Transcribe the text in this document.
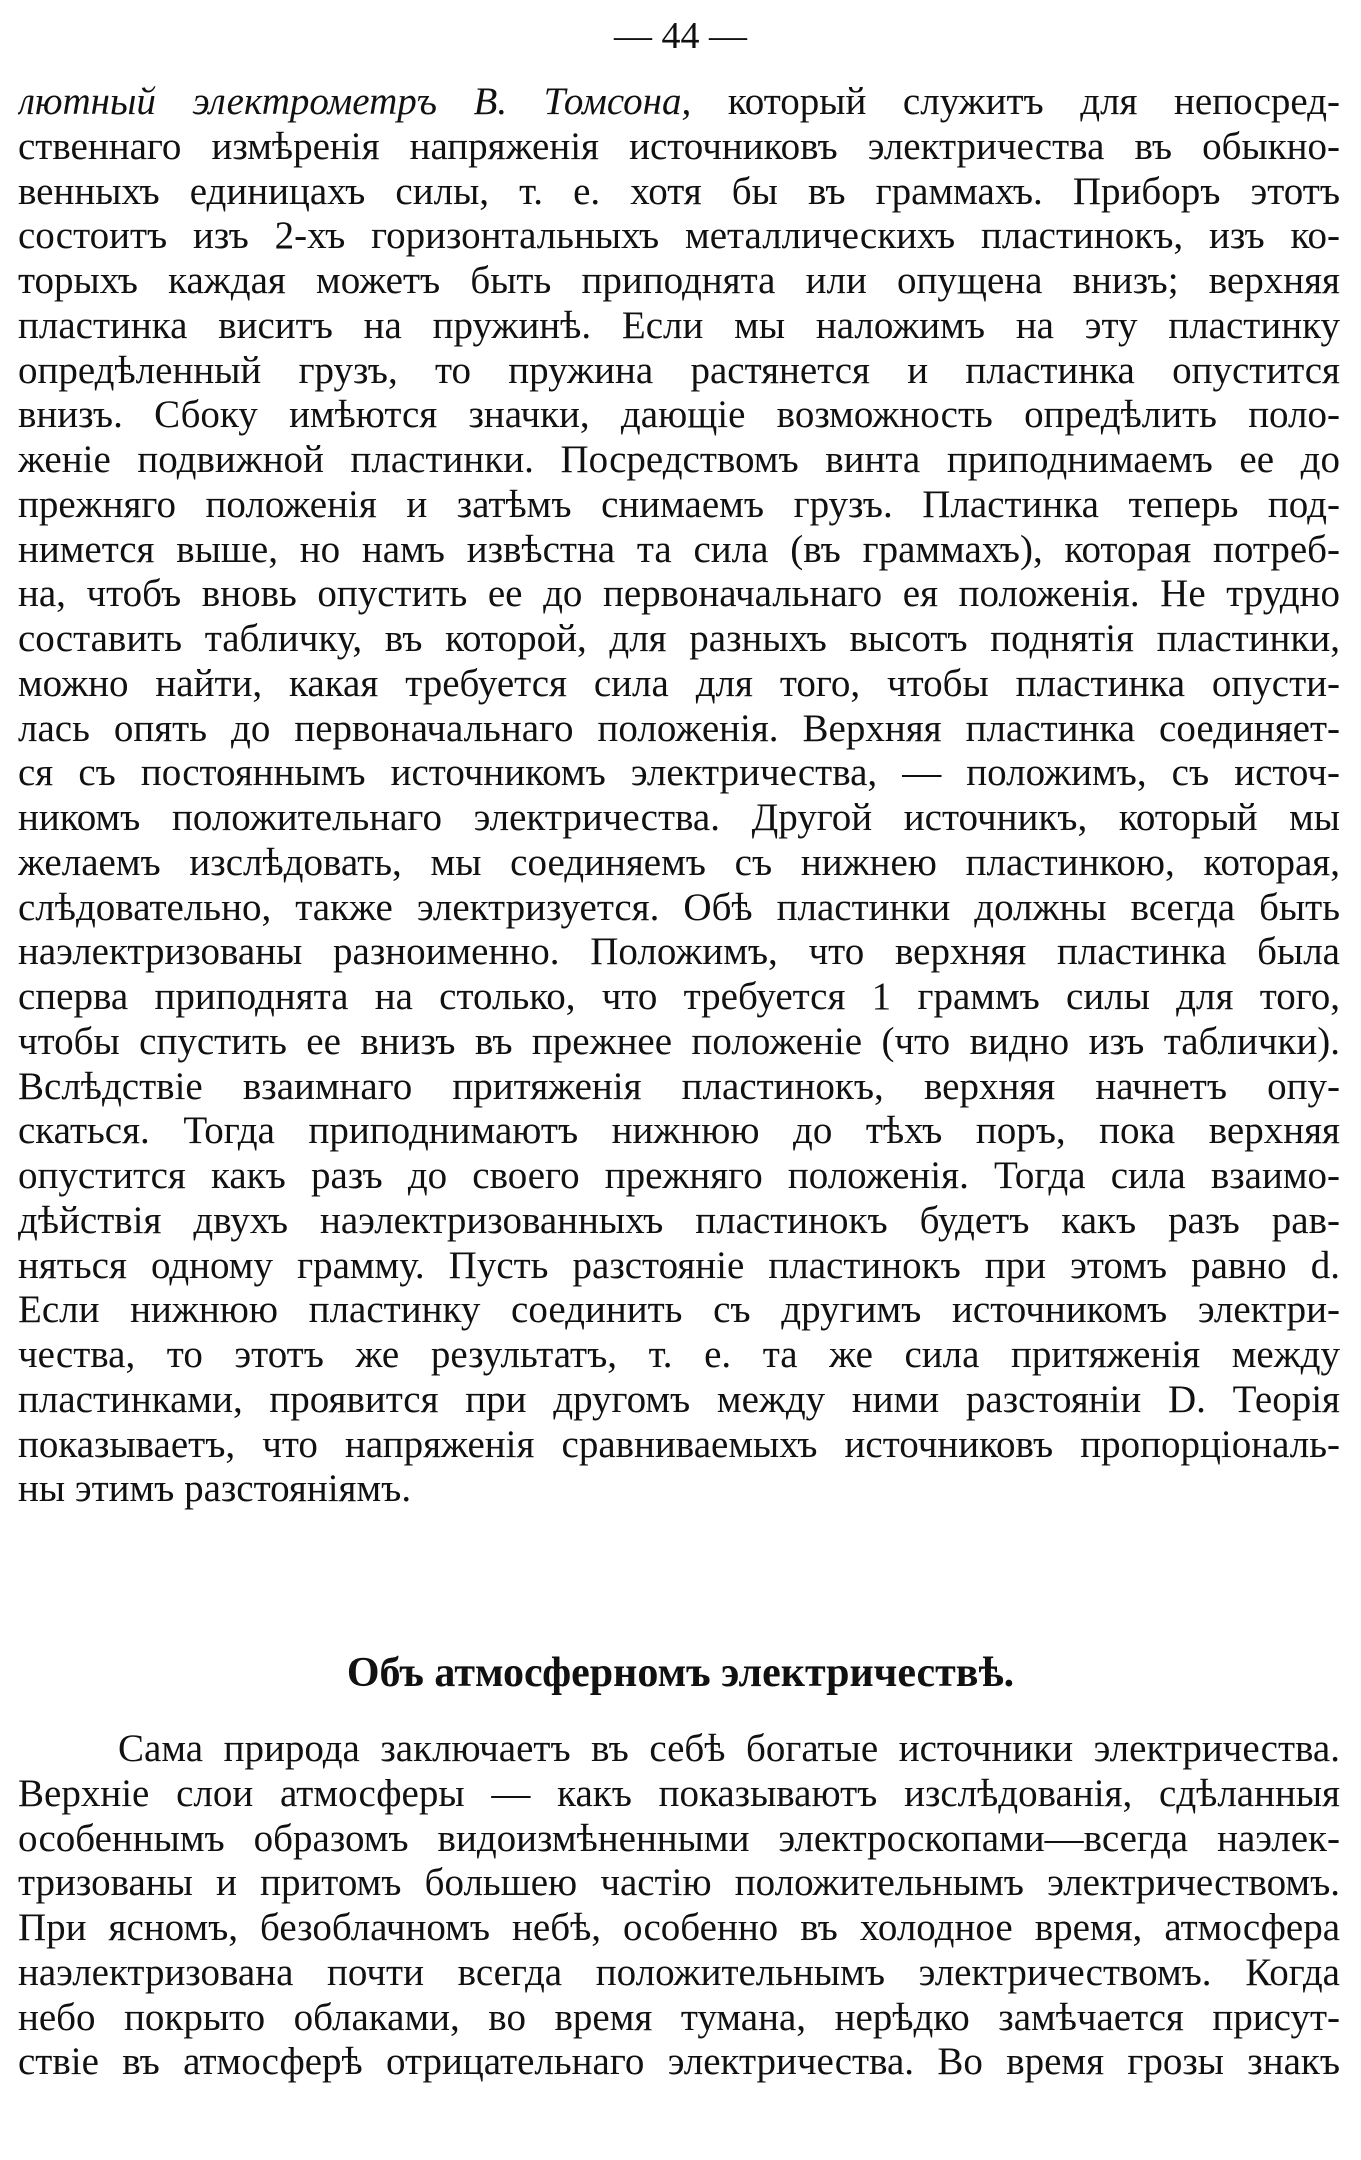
— 44 —
лютный электрометръ В. Томсона, который служитъ для непосред-
ственнаго измѣренія напряженія источниковъ электричества въ обыкно-
венныхъ единицахъ силы, т. е. хотя бы въ граммахъ. Приборъ этотъ
состоитъ изъ 2-хъ горизонтальныхъ металлическихъ пластинокъ, изъ ко-
торыхъ каждая можетъ быть приподнята или опущена внизъ; верхняя
пластинка виситъ на пружинѣ. Если мы наложимъ на эту пластинку
опредѣленный грузъ, то пружина растянется и пластинка опустится
внизъ. Сбоку имѣются значки, дающіе возможность опредѣлить поло-
женіе подвижной пластинки. Посредствомъ винта приподнимаемъ ее до
прежняго положенія и затѣмъ снимаемъ грузъ. Пластинка теперь под-
нимется выше, но намъ извѣстна та сила (въ граммахъ), которая потреб-
на, чтобъ вновь опустить ее до первоначальнаго ея положенія. Не трудно
составить табличку, въ которой, для разныхъ высотъ поднятія пластинки,
можно найти, какая требуется сила для того, чтобы пластинка опусти-
лась опять до первоначальнаго положенія. Верхняя пластинка соединяет-
ся съ постояннымъ источникомъ электричества, — положимъ, съ источ-
никомъ положительнаго электричества. Другой источникъ, который мы
желаемъ изслѣдовать, мы соединяемъ съ нижнею пластинкою, которая,
слѣдовательно, также электризуется. Обѣ пластинки должны всегда быть
наэлектризованы разноименно. Положимъ, что верхняя пластинка была
сперва приподнята на столько, что требуется 1 граммъ силы для того,
чтобы спустить ее внизъ въ прежнее положеніе (что видно изъ таблички).
Вслѣдствіе взаимнаго притяженія пластинокъ, верхняя начнетъ опу-
скаться. Тогда приподнимаютъ нижнюю до тѣхъ поръ, пока верхняя
опустится какъ разъ до своего прежняго положенія. Тогда сила взаимо-
дѣйствія двухъ наэлектризованныхъ пластинокъ будетъ какъ разъ рав-
няться одному грамму. Пусть разстояніе пластинокъ при этомъ равно d.
Если нижнюю пластинку соединить съ другимъ источникомъ электри-
чества, то этотъ же результатъ, т. е. та же сила притяженія между
пластинками, проявится при другомъ между ними разстояніи D. Теорія
показываетъ, что напряженія сравниваемыхъ источниковъ пропорціональ-
ны этимъ разстояніямъ.
Объ атмосферномъ электричествѣ.
Сама природа заключаетъ въ себѣ богатые источники электричества.
Верхніе слои атмосферы — какъ показываютъ изслѣдованія, сдѣланныя
особеннымъ образомъ видоизмѣненными электроскопами—всегда наэлек-
тризованы и притомъ большею частію положительнымъ электричествомъ.
При ясномъ, безоблачномъ небѣ, особенно въ холодное время, атмосфера
наэлектризована почти всегда положительнымъ электричествомъ. Когда
небо покрыто облаками, во время тумана, нерѣдко замѣчается присут-
ствіе въ атмосферѣ отрицательнаго электричества. Во время грозы знакъ
